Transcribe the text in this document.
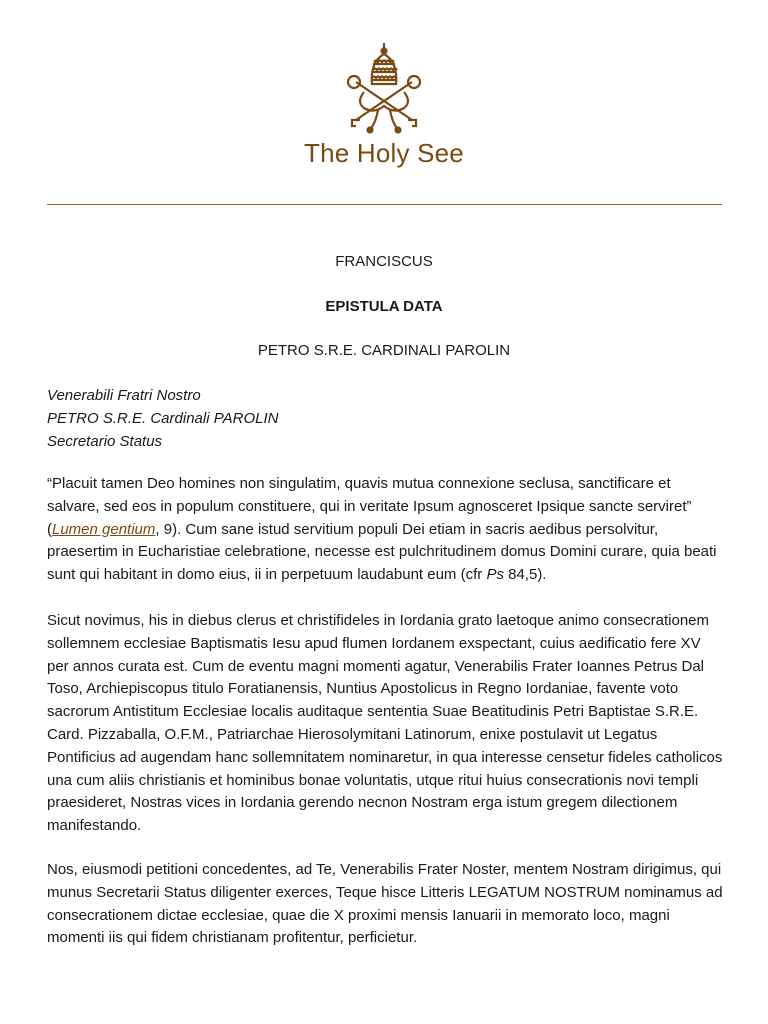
The Holy See
FRANCISCUS
EPISTULA DATA
PETRO S.R.E. CARDINALI PAROLIN
Venerabili Fratri Nostro
PETRO S.R.E. Cardinali PAROLIN
Secretario Status

“Placuit tamen Deo homines non singulatim, quavis mutua connexione seclusa, sanctificare et salvare, sed eos in populum constituere, qui in veritate Ipsum agnosceret Ipsique sancte serviret” (Lumen gentium, 9). Cum sane istud servitium populi Dei etiam in sacris aedibus persolvitur, praesertim in Eucharistiae celebratione, necesse est pulchritudinem domus Domini curare, quia beati sunt qui habitant in domo eius, ii in perpetuum laudabunt eum (cfr Ps 84,5).

Sicut novimus, his in diebus clerus et christifideles in Iordania grato laetoque animo consecrationem sollemnem ecclesiae Baptismatis Iesu apud flumen Iordanem exspectant, cuius aedificatio fere XV per annos curata est. Cum de eventu magni momenti agatur, Venerabilis Frater Ioannes Petrus Dal Toso, Archiepiscopus titulo Foratianensis, Nuntius Apostolicus in Regno Iordaniae, favente voto sacrorum Antistitum Ecclesiae localis auditaque sententia Suae Beatitudinis Petri Baptistae S.R.E. Card. Pizzaballa, O.F.M., Patriarchae Hierosolymitani Latinorum, enixe postulavit ut Legatus Pontificius ad augendam hanc sollemnitatem nominaretur, in qua interesse censetur fideles catholicos una cum aliis christianis et hominibus bonae voluntatis, utque ritui huius consecrationis novi templi praesideret, Nostras vices in Iordania gerendo necnon Nostram erga istum gregem dilectionem manifestando.

Nos, eiusmodi petitioni concedentes, ad Te, Venerabilis Frater Noster, mentem Nostram dirigimus, qui munus Secretarii Status diligenter exerces, Teque hisce Litteris LEGATUM NOSTRUM nominamus ad consecrationem dictae ecclesiae, quae die X proximi mensis Ianuarii in memorato loco, magni momenti iis qui fidem christianam profitentur, perficietur.
